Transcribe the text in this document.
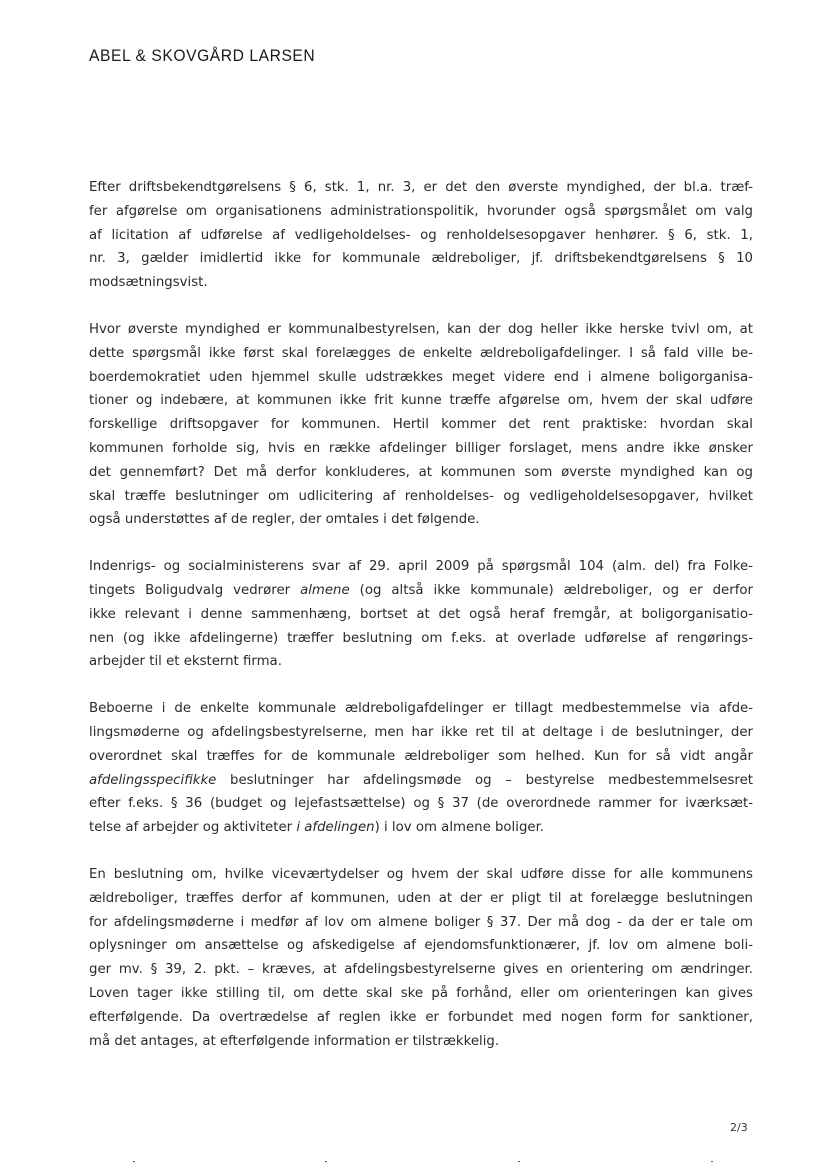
ABEL & SKOVGÅRD LARSEN
Efter driftsbekendtgørelsens § 6, stk. 1, nr. 3, er det den øverste myndighed, der bl.a. træf-
fer afgørelse om organisationens administrationspolitik, hvorunder også spørgsmålet om valg
af licitation af udførelse af vedligeholdelses- og renholdelsesopgaver henhører. § 6, stk. 1,
nr. 3, gælder imidlertid ikke for kommunale ældreboliger, jf. driftsbekendtgørelsens § 10
modsætningsvist.
Hvor øverste myndighed er kommunalbestyrelsen, kan der dog heller ikke herske tvivl om, at
dette spørgsmål ikke først skal forelægges de enkelte ældreboligafdelinger. I så fald ville be-
boerdemokratiet uden hjemmel skulle udstrækkes meget videre end i almene boligorganisa-
tioner og indebære, at kommunen ikke frit kunne træffe afgørelse om, hvem der skal udføre
forskellige driftsopgaver for kommunen. Hertil kommer det rent praktiske: hvordan skal
kommunen forholde sig, hvis en række afdelinger billiger forslaget, mens andre ikke ønsker
det gennemført? Det må derfor konkluderes, at kommunen som øverste myndighed kan og
skal træffe beslutninger om udlicitering af renholdelses- og vedligeholdelsesopgaver, hvilket
også understøttes af de regler, der omtales i det følgende.
Indenrigs- og socialministerens svar af 29. april 2009 på spørgsmål 104 (alm. del) fra Folke-
tingets Boligudvalg vedrører almene (og altså ikke kommunale) ældreboliger, og er derfor
ikke relevant i denne sammenhæng, bortset at det også heraf fremgår, at boligorganisatio-
nen (og ikke afdelingerne) træffer beslutning om f.eks. at overlade udførelse af rengørings-
arbejder til et eksternt firma.
Beboerne i de enkelte kommunale ældreboligafdelinger er tillagt medbestemmelse via afde-
lingsmøderne og afdelingsbestyrelserne, men har ikke ret til at deltage i de beslutninger, der
overordnet skal træffes for de kommunale ældreboliger som helhed. Kun for så vidt angår
afdelingsspecifikke beslutninger har afdelingsmøde og – bestyrelse medbestemmelsesret
efter f.eks. § 36 (budget og lejefastsættelse) og § 37 (de overordnede rammer for iværksæt-
telse af arbejder og aktiviteter i afdelingen) i lov om almene boliger.
En beslutning om, hvilke viceværtydelser og hvem der skal udføre disse for alle kommunens
ældreboliger, træffes derfor af kommunen, uden at der er pligt til at forelægge beslutningen
for afdelingsmøderne i medfør af lov om almene boliger § 37. Der må dog - da der er tale om
oplysninger om ansættelse og afskedigelse af ejendomsfunktionærer, jf. lov om almene boli-
ger mv. § 39, 2. pkt. – kræves, at afdelingsbestyrelserne gives en orientering om ændringer.
Loven tager ikke stilling til, om dette skal ske på forhånd, eller om orienteringen kan gives
efterfølgende. Da overtrædelse af reglen ikke er forbundet med nogen form for sanktioner,
må det antages, at efterfølgende information er tilstrækkelig.
2/3
